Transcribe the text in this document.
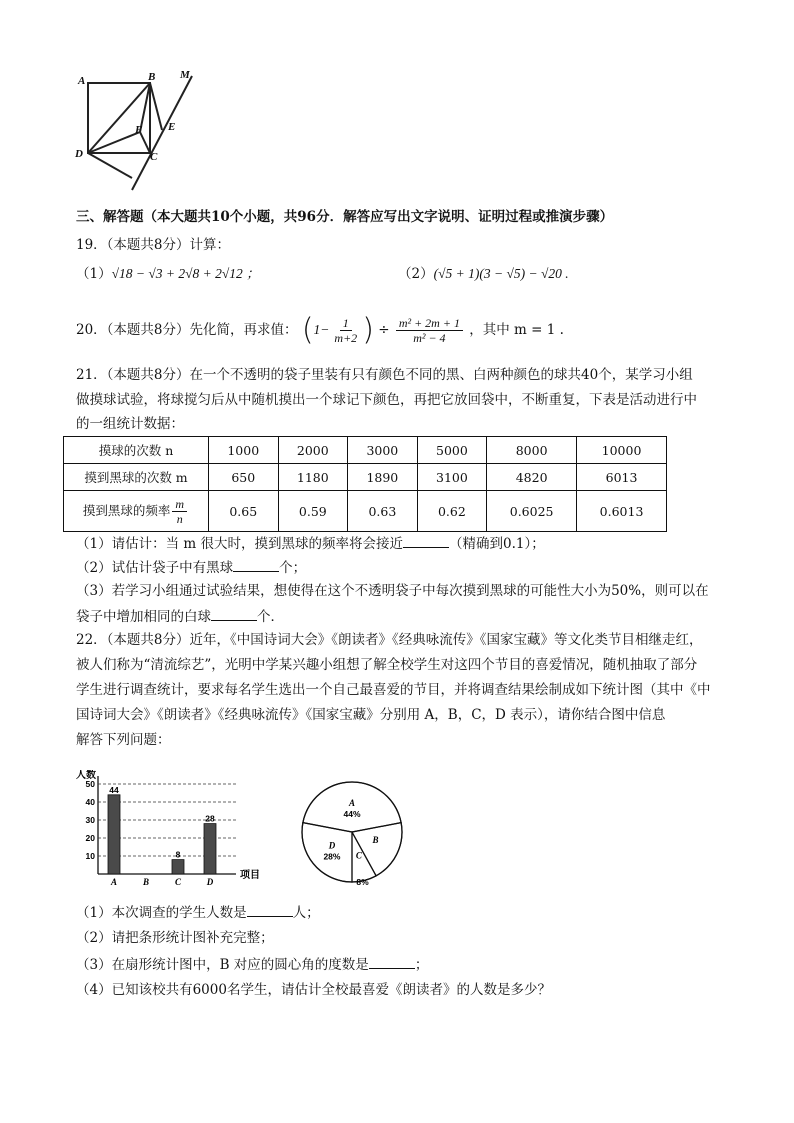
A	B M
F E
D	C
三、解答题（本大题共10个小题，共96分．解答应写出文字说明、证明过程或推演步骤）
19．（本题共8分）计算：
（1）√18 − √3 + 2√8 + 2√12 ；	（2）(√5 + 1)(3 − √5) − √20 .
20．（本题共8分）先化简，再求值： ($1- \frac{1}{m+2}$ ) ÷ $\frac{\text{m² + 2m + 1}}{\text{m² − 4}}$ ，其中 m = 1 .
21．（本题共8分）在一个不透明的袋子里装有只有颜色不同的黑、白两种颜色的球共40个，某学习小组
做摸球试验，将球搅匀后从中随机摸出一个球记下颜色，再把它放回袋中，不断重复，下表是活动进行中
的一组统计数据：
摸球的次数 n	1000	2000	3000	5000	8000	10000
摸到黑球的次数 m	650	1180	1890	3100	4820	6013
摸到黑球的频率 $\frac{m}{n}$	0.65	0.59	0.63	0.62	0.6025	0.6013
（1）请估计：当 m 很大时，摸到黑球的频率将会接近	（精确到0.1）；
（2）试估计袋子中有黑球	个；
（3）若学习小组通过试验结果，想使得在这个不透明袋子中每次摸到黑球的可能性大小为50%，则可以在
袋子中增加相同的白球	个．
22．（本题共8分）近年，《中国诗词大会》《朗读者》《经典咏流传》《国家宝藏》等文化类节目相继走红，
被人们称为“清流综艺”，光明中学某兴趣小组想了解全校学生对这四个节目的喜爱情况，随机抽取了部分
学生进行调查统计，要求每名学生选出一个自己最喜爱的节目，并将调查结果绘制成如下统计图（其中《中
国诗词大会》《朗读者》《经典咏流传》《国家宝藏》分别用 A，B，C，D 表示），请你结合图中信息
解答下列问题：
人数
项目
10
20
30
40
50
44
A	B
8
C
28
D
A
44%
B
C
8%
D
28%
（1）本次调查的学生人数是	人；
（2）请把条形统计图补充完整；
（3）在扇形统计图中，B 对应的圆心角的度数是	；
（4）已知该校共有6000名学生，请估计全校最喜爱《朗读者》的人数是多少？
